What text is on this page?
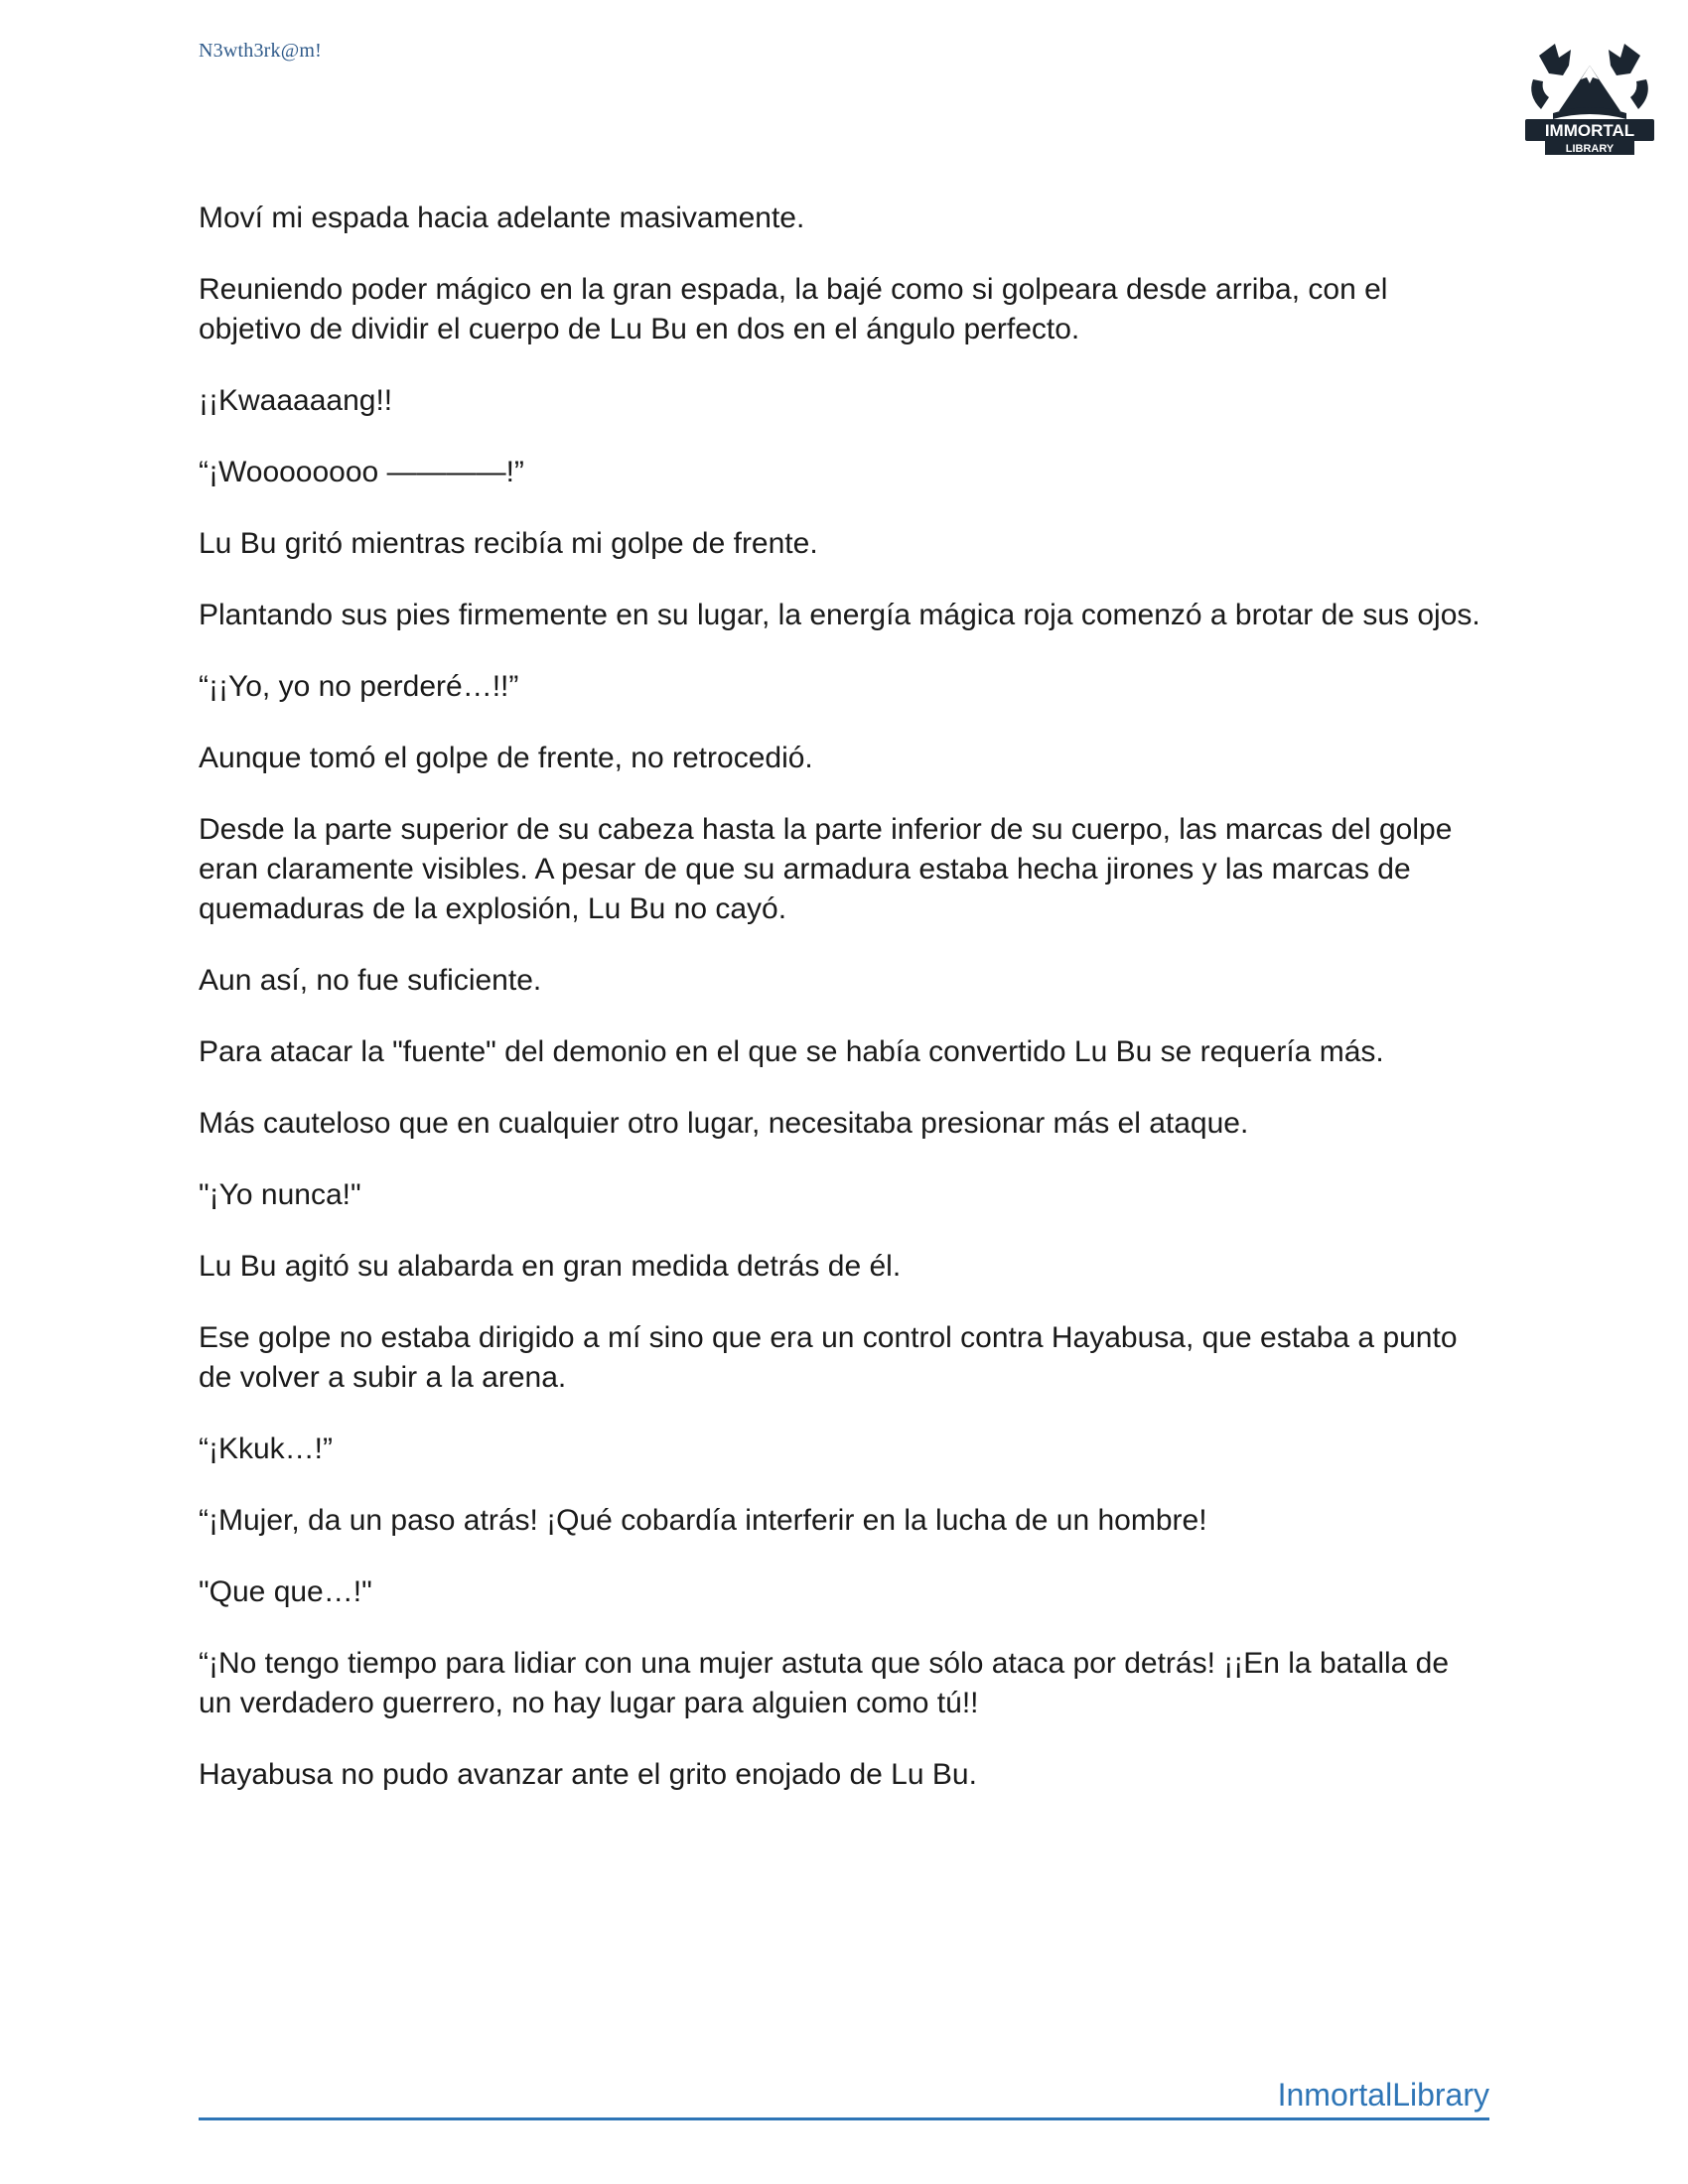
N3wth3rk@m!
IMMORTAL
LIBRARY

Moví mi espada hacia adelante masivamente.

Reuniendo poder mágico en la gran espada, la bajé como si golpeara desde arriba, con el objetivo de dividir el cuerpo de Lu Bu en dos en el ángulo perfecto.

¡¡Kwaaaaang!!

“¡Woooooooo ————!”

Lu Bu gritó mientras recibía mi golpe de frente.

Plantando sus pies firmemente en su lugar, la energía mágica roja comenzó a brotar de sus ojos.

“¡¡Yo, yo no perderé…!!”

Aunque tomó el golpe de frente, no retrocedió.

Desde la parte superior de su cabeza hasta la parte inferior de su cuerpo, las marcas del golpe eran claramente visibles. A pesar de que su armadura estaba hecha jirones y las marcas de quemaduras de la explosión, Lu Bu no cayó.

Aun así, no fue suficiente.

Para atacar la "fuente" del demonio en el que se había convertido Lu Bu se requería más.

Más cauteloso que en cualquier otro lugar, necesitaba presionar más el ataque.

"¡Yo nunca!"

Lu Bu agitó su alabarda en gran medida detrás de él.

Ese golpe no estaba dirigido a mí sino que era un control contra Hayabusa, que estaba a punto de volver a subir a la arena.

“¡Kkuk…!”

“¡Mujer, da un paso atrás! ¡Qué cobardía interferir en la lucha de un hombre!

"Que que…!"

“¡No tengo tiempo para lidiar con una mujer astuta que sólo ataca por detrás! ¡¡En la batalla de un verdadero guerrero, no hay lugar para alguien como tú!!

Hayabusa no pudo avanzar ante el grito enojado de Lu Bu.

InmortalLibrary
